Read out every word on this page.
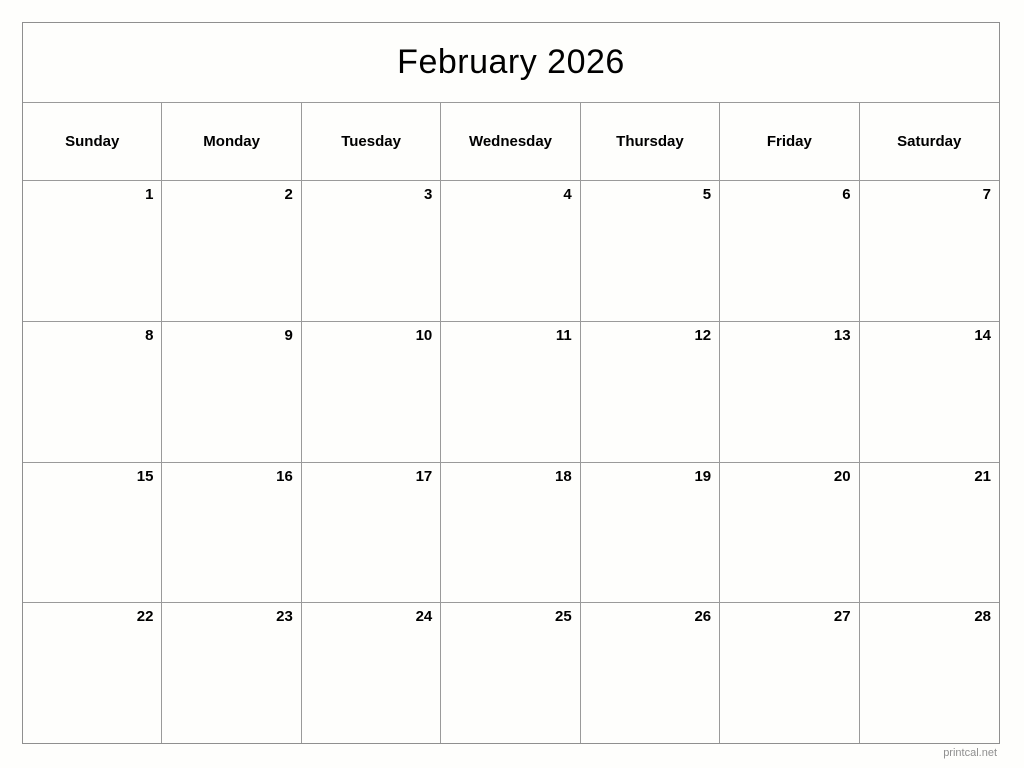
February 2026
Sunday	Monday	Tuesday	Wednesday	Thursday	Friday	Saturday
1	2	3	4	5	6	7
8	9	10	11	12	13	14
15	16	17	18	19	20	21
22	23	24	25	26	27	28
printcal.net
